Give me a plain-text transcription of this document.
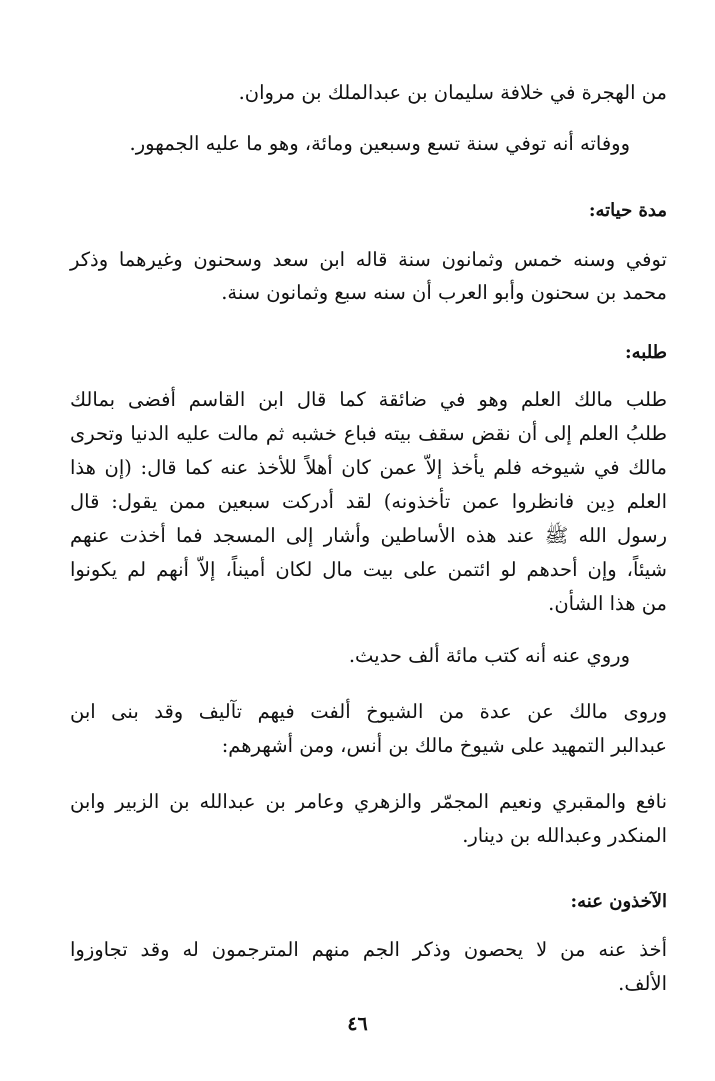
من الهجرة في خلافة سليمان بن عبدالملك بن مروان.
ووفاته أنه توفي سنة تسع وسبعين ومائة، وهو ما عليه الجمهور.
مدة حياته:
توفي وسنه خمس وثمانون سنة قاله ابن سعد وسحنون وغيرهما وذكر
محمد بن سحنون وأبو العرب أن سنه سبع وثمانون سنة.
طلبه:
طلب مالك العلم وهو في ضائقة كما قال ابن القاسم أفضى بمالك
طلبُ العلم إلى أن نقض سقف بيته فباع خشبه ثم مالت عليه الدنيا وتحرى
مالك في شيوخه فلم يأخذ إلاّ عمن كان أهلاً للأخذ عنه كما قال: (إن هذا
العلم دِين فانظروا عمن تأخذونه) لقد أدركت سبعين ممن يقول: قال
رسول الله ﷺ عند هذه الأساطين وأشار إلى المسجد فما أخذت عنهم
شيئاً، وإن أحدهم لو ائتمن على بيت مال لكان أميناً، إلاّ أنهم لم يكونوا
من هذا الشأن.
وروي عنه أنه كتب مائة ألف حديث.
وروى مالك عن عدة من الشيوخ ألفت فيهم تآليف وقد بنى ابن
عبدالبر التمهيد على شيوخ مالك بن أنس، ومن أشهرهم:
نافع والمقبري ونعيم المجمّر والزهري وعامر بن عبدالله بن الزبير وابن
المنكدر وعبدالله بن دينار.
الآخذون عنه:
أخذ عنه من لا يحصون وذكر الجم منهم المترجمون له وقد تجاوزوا
الألف.
٤٦
